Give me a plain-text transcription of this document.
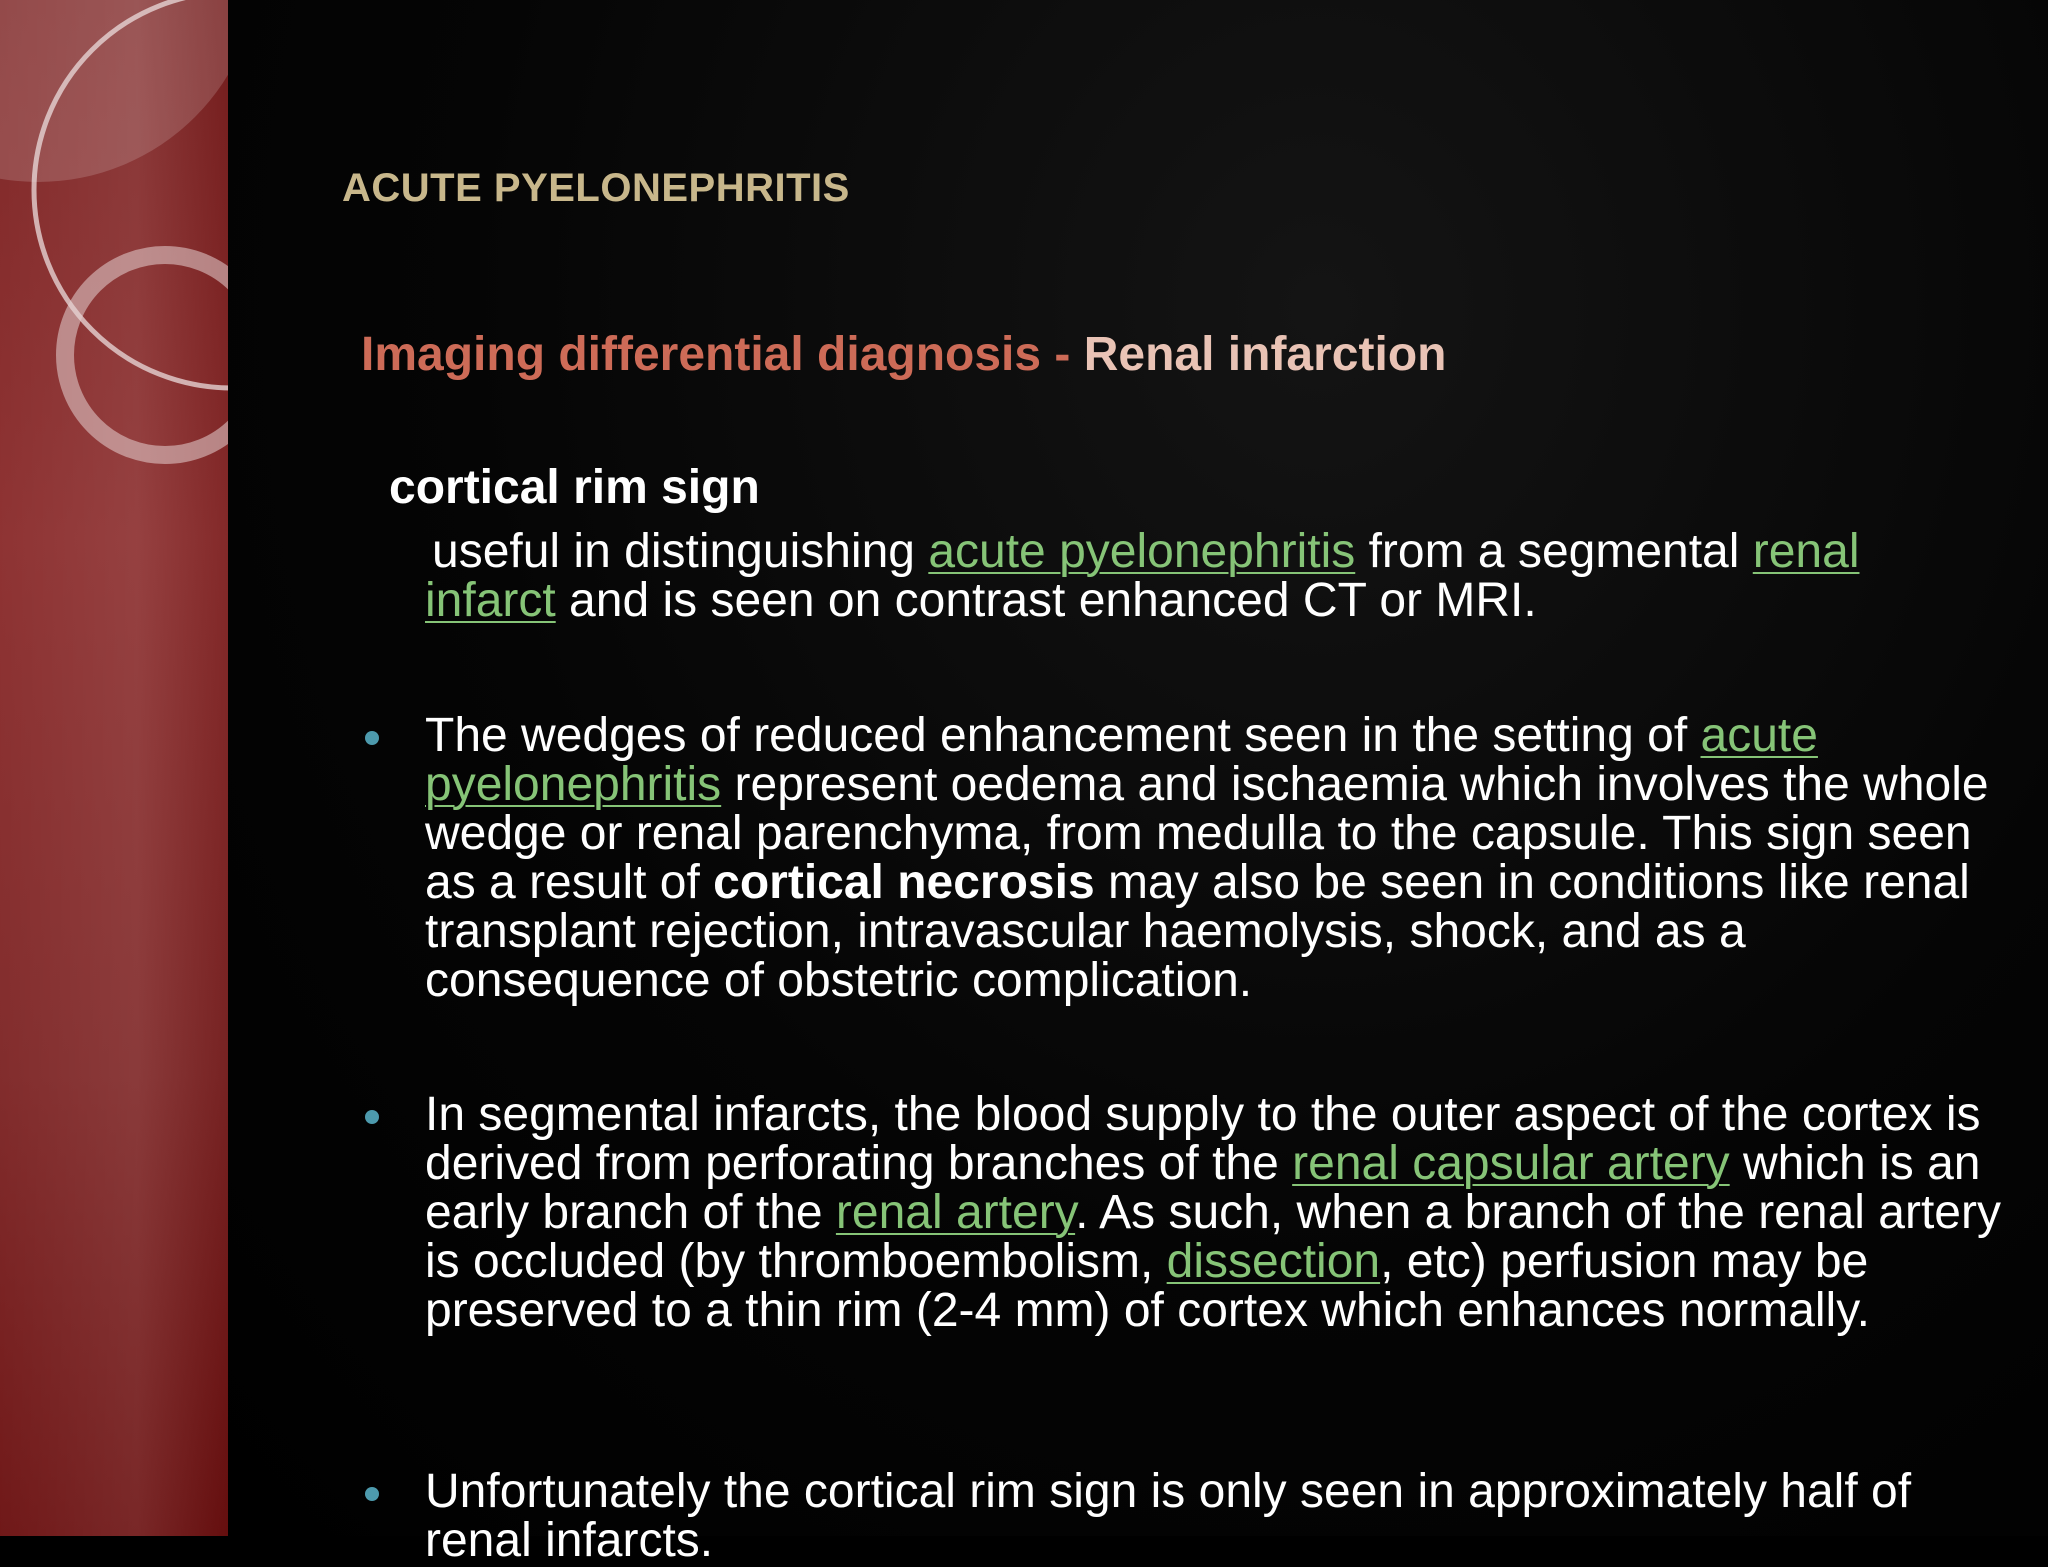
ACUTE PYELONEPHRITIS
Imaging differential diagnosis - Renal infarction
cortical rim sign

useful in distinguishing acute pyelonephritis from a segmental renal infarct and is seen on contrast enhanced CT or MRI.

The wedges of reduced enhancement seen in the setting of acute pyelonephritis represent oedema and ischaemia which involves the whole wedge or renal parenchyma, from medulla to the capsule. This sign seen as a result of cortical necrosis may also be seen in conditions like renal transplant rejection, intravascular haemolysis, shock, and as a consequence of obstetric complication.

In segmental infarcts, the blood supply to the outer aspect of the cortex is derived from perforating branches of the renal capsular artery which is an early branch of the renal artery. As such, when a branch of the renal artery is occluded (by thromboembolism, dissection, etc) perfusion may be preserved to a thin rim (2-4 mm) of cortex which enhances normally.

Unfortunately the cortical rim sign is only seen in approximately half of renal infarcts.
